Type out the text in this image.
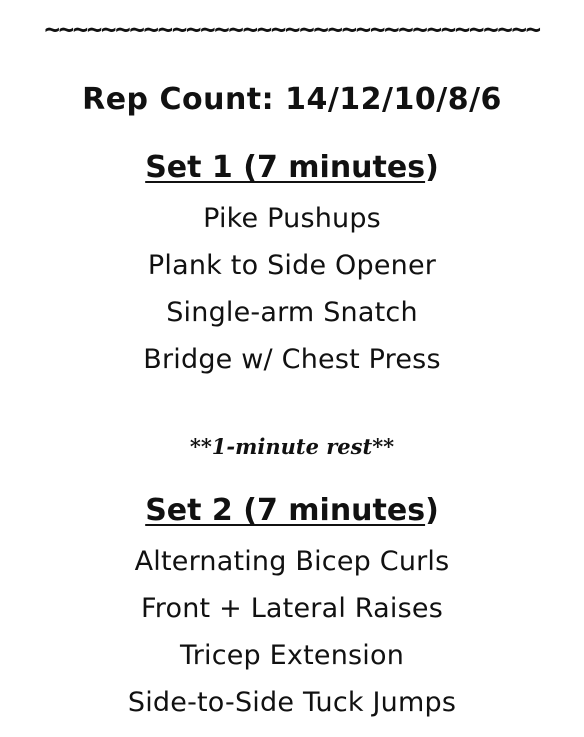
~~~~~~~~~~~~~~~~~~~~~~~~~~~~~~~~~~~
Rep Count: 14/12/10/8/6
Set 1 (7 minutes)
Pike Pushups
Plank to Side Opener
Single-arm Snatch
Bridge w/ Chest Press
**1-minute rest**
Set 2 (7 minutes)
Alternating Bicep Curls
Front + Lateral Raises
Tricep Extension
Side-to-Side Tuck Jumps
